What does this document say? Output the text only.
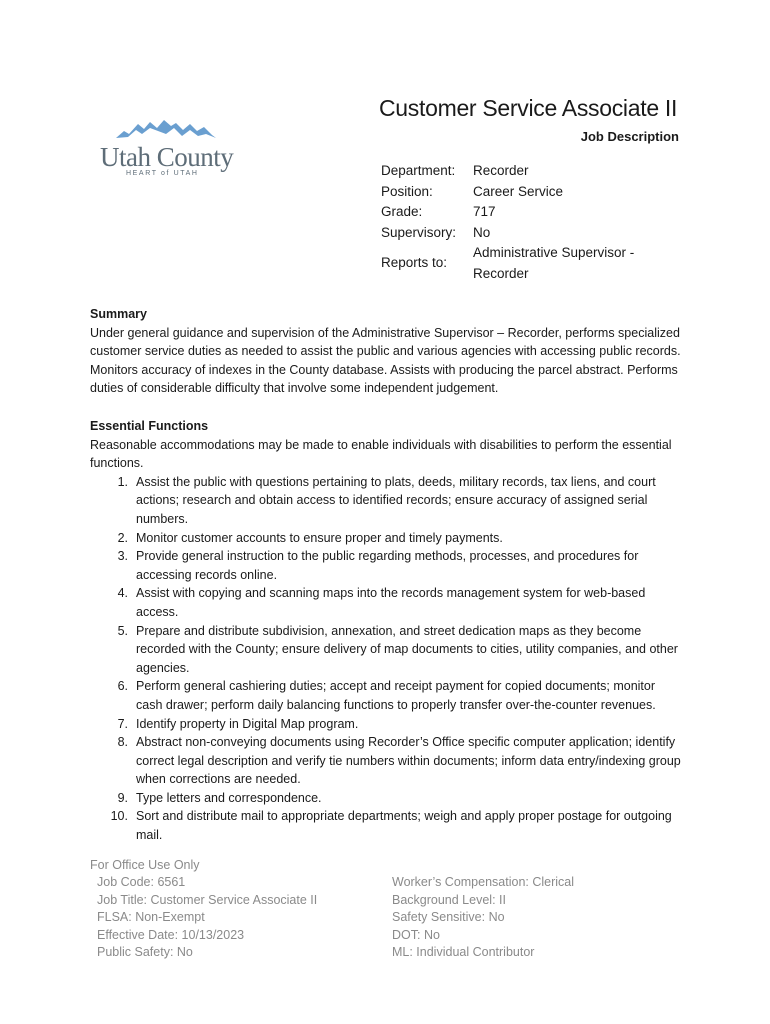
Utah County
HEART of UTAH
Customer Service Associate II
Job Description
Department:	Recorder
Position:	Career Service
Grade:	717
Supervisory:	No
Reports to:
Administrative Supervisor - Recorder
Summary
Under general guidance and supervision of the Administrative Supervisor – Recorder, performs specialized customer service duties as needed to assist the public and various agencies with accessing public records. Monitors accuracy of indexes in the County database. Assists with producing the parcel abstract. Performs duties of considerable difficulty that involve some independent judgement.
Essential Functions
Reasonable accommodations may be made to enable individuals with disabilities to perform the essential functions.
1. Assist the public with questions pertaining to plats, deeds, military records, tax liens, and court actions; research and obtain access to identified records; ensure accuracy of assigned serial numbers.
2. Monitor customer accounts to ensure proper and timely payments.
3. Provide general instruction to the public regarding methods, processes, and procedures for accessing records online.
4. Assist with copying and scanning maps into the records management system for web-based access.
5. Prepare and distribute subdivision, annexation, and street dedication maps as they become recorded with the County; ensure delivery of map documents to cities, utility companies, and other agencies.
6. Perform general cashiering duties; accept and receipt payment for copied documents; monitor cash drawer; perform daily balancing functions to properly transfer over-the-counter revenues.
7. Identify property in Digital Map program.
8. Abstract non-conveying documents using Recorder’s Office specific computer application; identify correct legal description and verify tie numbers within documents; inform data entry/indexing group when corrections are needed.
9. Type letters and correspondence.
10. Sort and distribute mail to appropriate departments; weigh and apply proper postage for outgoing mail.
For Office Use Only
Job Code: 6561
Job Title: Customer Service Associate II
FLSA: Non-Exempt
Effective Date: 10/13/2023
Public Safety: No
Worker’s Compensation: Clerical
Background Level: II
Safety Sensitive: No
DOT: No
ML: Individual Contributor
